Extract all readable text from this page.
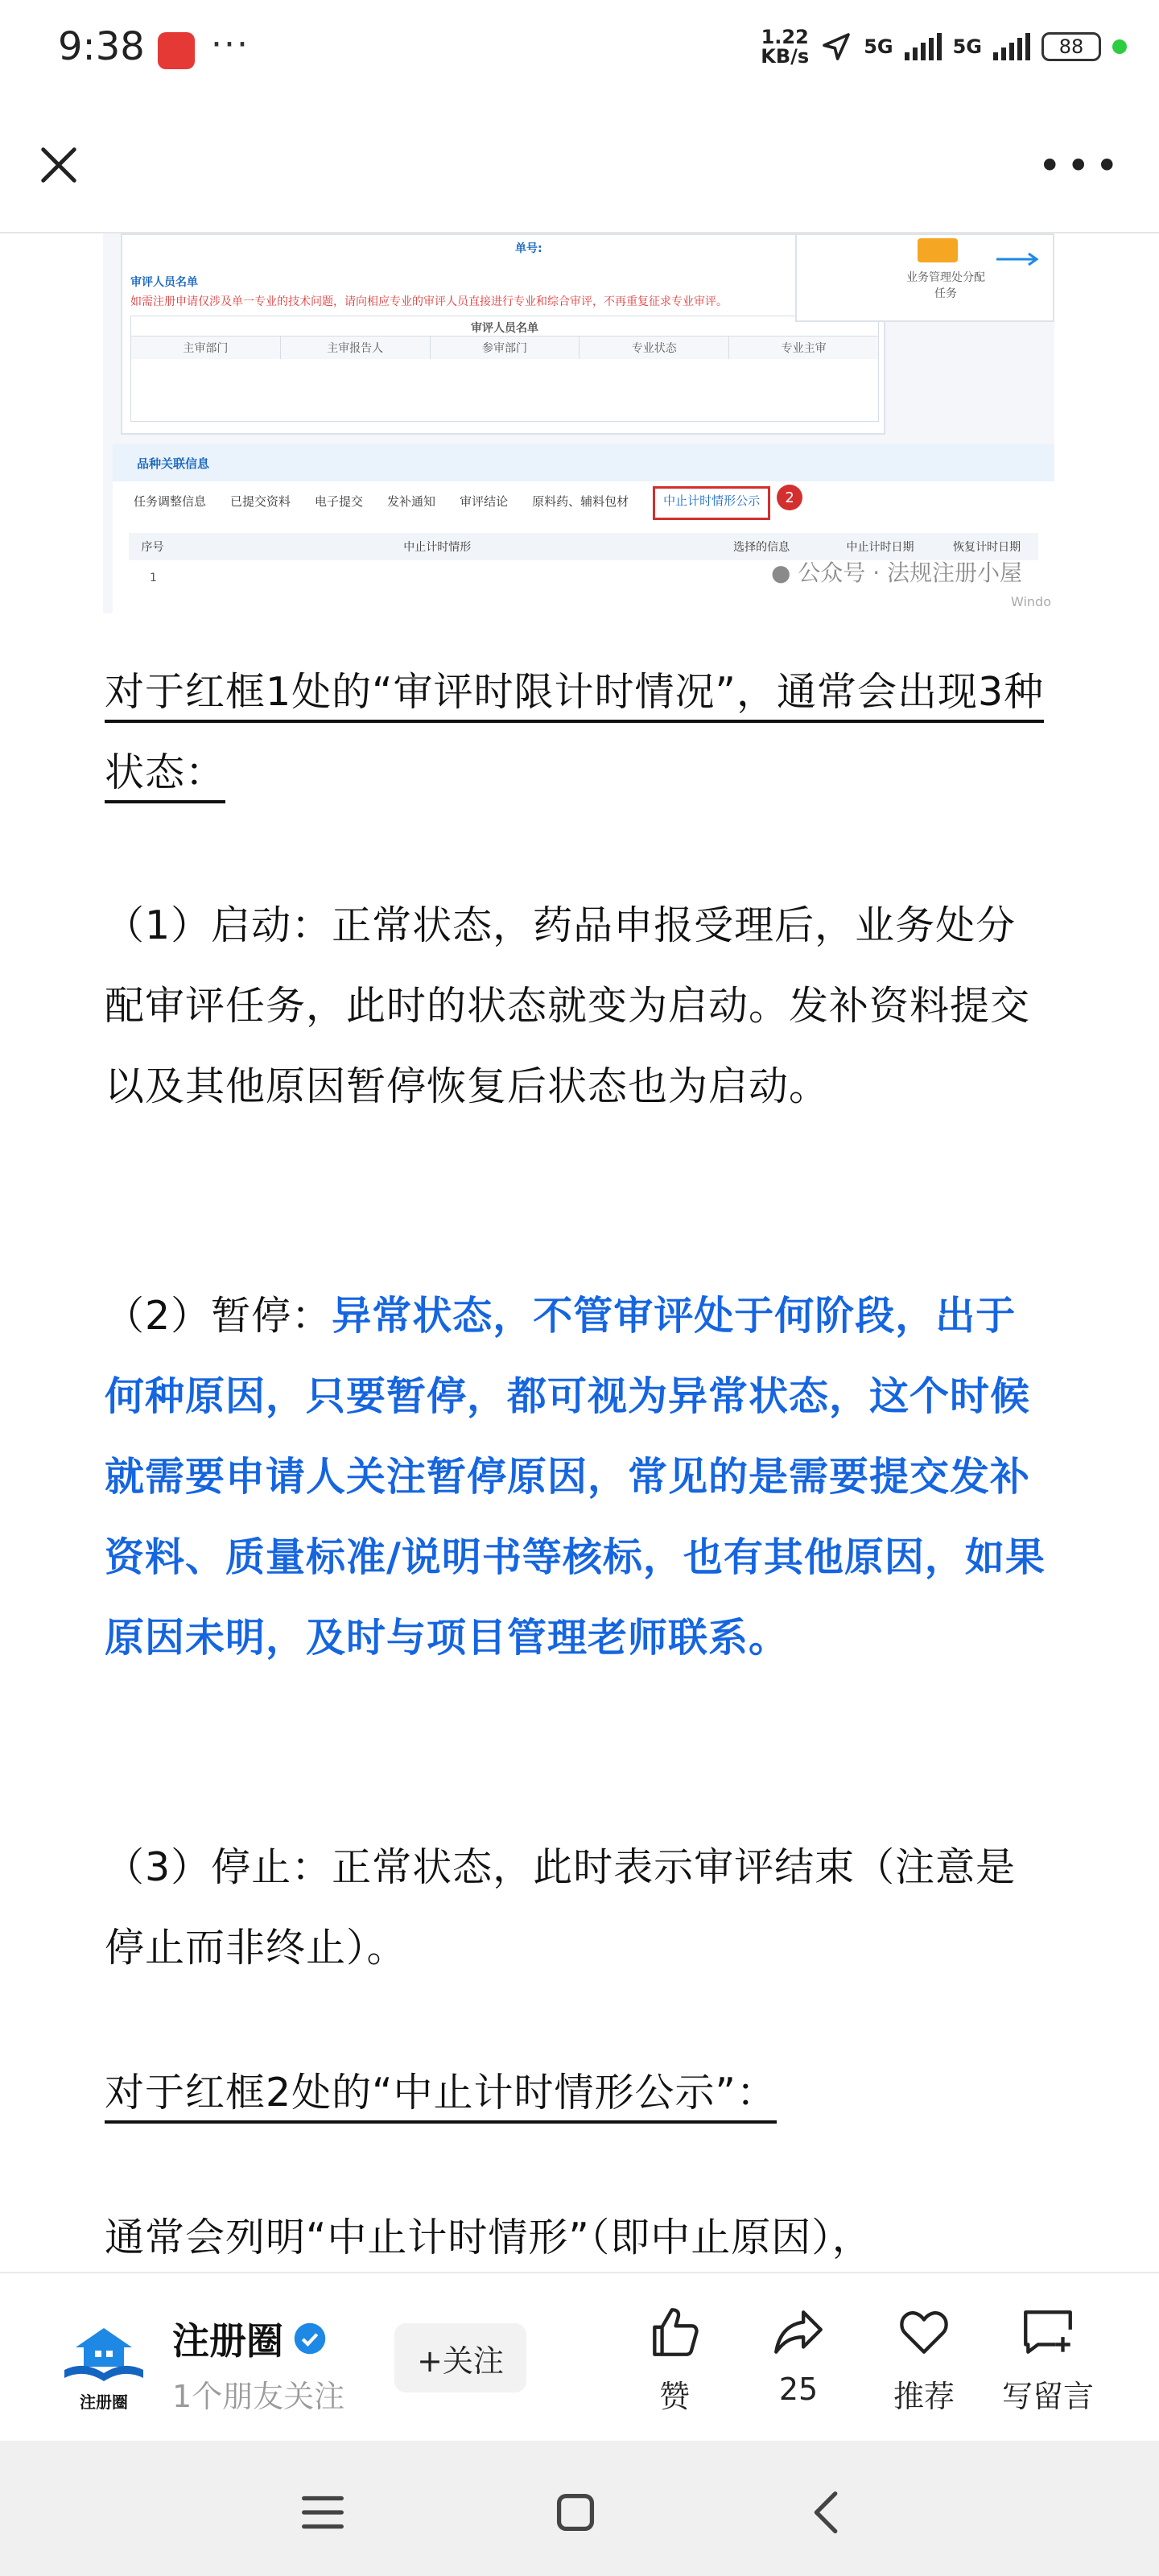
9:38 ···	1.22
KB/s	5G	5G	88
•••
单号:
审评人员名单
如需注册申请仅涉及单一专业的技术问题，请向相应专业的审评人员直接进行专业和综合审评，不再重复征求专业审评。
审评人员名单
主审部门	主审报告人	参审部门	专业状态	专业主审
业务管理处分配任务
品种关联信息
任务调整信息 已提交资料 电子提交 发补通知 审评结论 原料药、辅料包材	中止计时情形公示	2
序号	中止计时情形	选择的信息	中止计时日期	恢复计时日期
1	● 公众号 · 法规注册小屋
Windo

对于红框1处的“审评时限计时情况”，通常会出现3种状态：

（1）启动：正常状态，药品申报受理后，业务处分配审评任务，此时的状态就变为启动。发补资料提交以及其他原因暂停恢复后状态也为启动。

（2）暂停：异常状态，不管审评处于何阶段，出于何种原因，只要暂停，都可视为异常状态，这个时候就需要申请人关注暂停原因，常见的是需要提交发补资料、质量标准/说明书等核标，也有其他原因，如果原因未明，及时与项目管理老师联系。

（3）停止：正常状态，此时表示审评结束（注意是停止而非终止）。

对于红框2处的“中止计时情形公示”：

通常会列明“中止计时情形”（即中止原因），

注册圈
注册圈
1个朋友关注
+关注
赞	25	推荐	写留言
